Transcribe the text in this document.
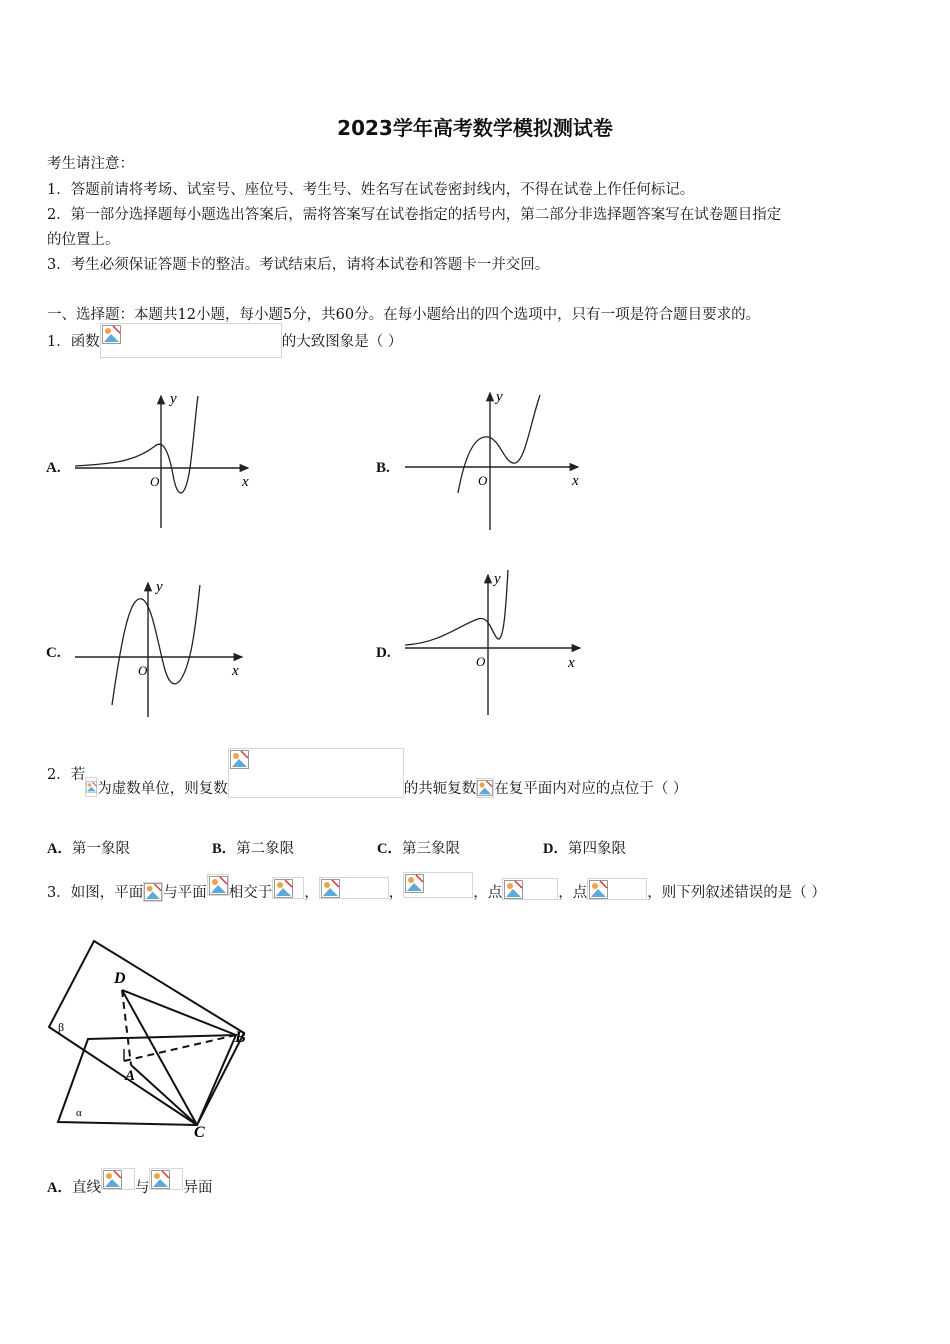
2023学年高考数学模拟测试卷
考生请注意：
1．答题前请将考场、试室号、座位号、考生号、姓名写在试卷密封线内，不得在试卷上作任何标记。
2．第一部分选择题每小题选出答案后，需将答案写在试卷指定的括号内，第二部分非选择题答案写在试卷题目指定
的位置上。
3．考生必须保证答题卡的整洁。考试结束后，请将本试卷和答题卡一并交回。
一、选择题：本题共12小题，每小题5分，共60分。在每小题给出的四个选项中，只有一项是符合题目要求的。
1．函数	的大致图象是（ ）
A.	B.
C.	D.
y
x
O
y
x
O
y
x
O
y
x
O
2．若
为虚数单位，则复数	的共轭复数 在复平面内对应的点位于（ ）
A．第一象限	B．第二象限	C．第三象限	D．第四象限
3．如图，平面 与平面 相交于 ，	，	，点	，点	，则下列叙述错误的是（ ）
D
B
A
C
β
α
A． 直线 与 异面
